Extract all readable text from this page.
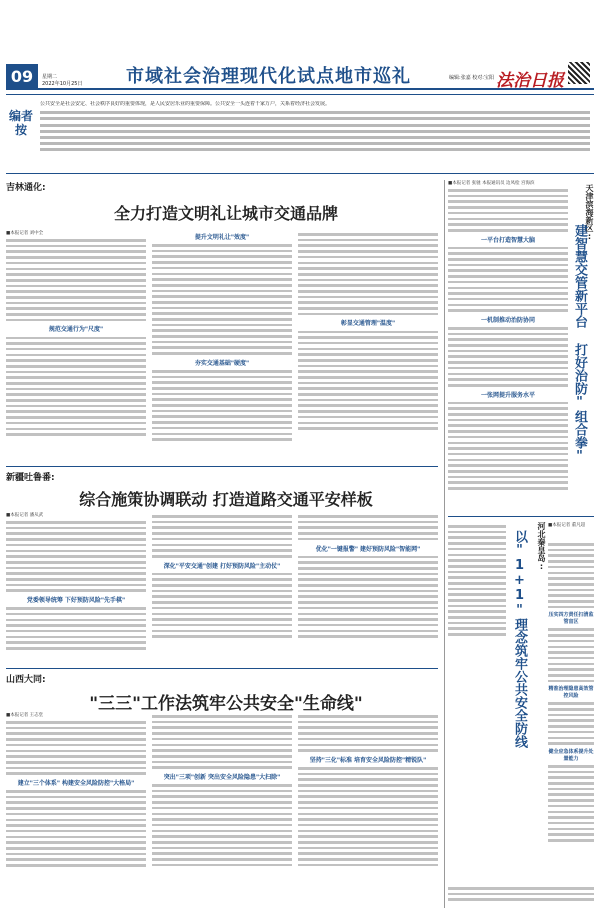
09	星期二
2022年10月25日	市域社会治理现代化试点地市巡礼	编辑:张嘉 校对:宝阳 法治日报
编者按
公共安全是社会安定、社会秩序良好的重要体现，是人民安居乐业的重要保障。公共安全一头连着千家万户，关系着经济社会发展。
吉林通化:
全力打造文明礼让城市交通品牌
■本报记者 刘中全
规范交通行为"尺度"
提升文明礼让"效度"
夯实交通基础"硬度"
彰显交通管理"温度"
新疆吐鲁番:
综合施策协调联动 打造道路交通平安样板
■本报记者 潘从武
党委领导统筹 下好预防风险"先手棋"
深化"平安交通"创建 打好预防风险"主动仗"
优化"一键报警" 建好预防风险"智能网"
山西大同:
"三三"工作法筑牢公共安全"生命线"
■本报记者 王志堂
建立"三个体系" 构建安全风险防控"大格局"
突出"三项"创新 突出安全风险隐患"大扫除"
坚持"三化"标准 培育安全风险防控"精锐队"
■本报记者 张驰 本报通讯员 边凤桧 宫海滨
一平台打造智慧大脑
一机制推动治防协同
一张网提升服务水平
天津滨海新区:
建智慧交管新平台 打好治防"组合拳"
河北秦皇岛:
以"1+1"理念筑牢公共安全防线
■本报记者 董凡超
压实四方责任扫清监管盲区
精准治理隐患高效管控风险
健全应急体系提升处置能力
